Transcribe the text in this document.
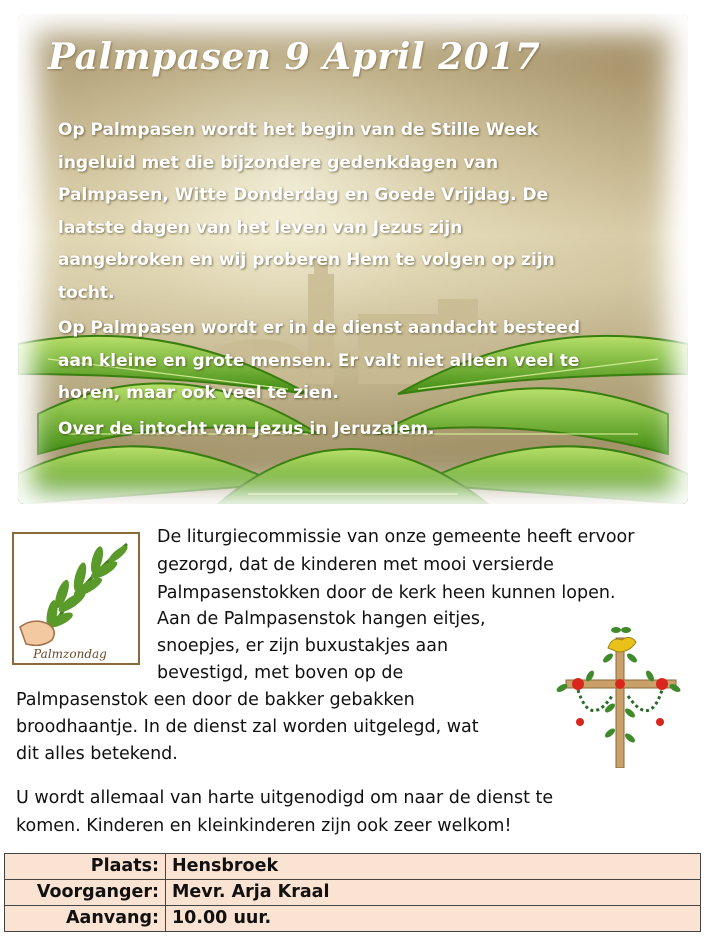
Palmpasen 9 April 2017

Op Palmpasen wordt het begin van de Stille Week
ingeluid met die bijzondere gedenkdagen van
Palmpasen, Witte Donderdag en Goede Vrijdag. De
laatste dagen van het leven van Jezus zijn
aangebroken en wij proberen Hem te volgen op zijn
tocht.

Op Palmpasen wordt er in de dienst aandacht besteed
aan kleine en grote mensen. Er valt niet alleen veel te
horen, maar ook veel te zien.

Over de intocht van Jezus in Jeruzalem.

Palmzondag

De liturgiecommissie van onze gemeente heeft ervoor

gezorgd, dat de kinderen met mooi versierde

Palmpasenstokken door de kerk heen kunnen lopen.

Aan de Palmpasenstok hangen eitjes,

snoepjes, er zijn buxustakjes aan

bevestigd, met boven op de

Palmpasenstok een door de bakker gebakken

broodhaantje. In de dienst zal worden uitgelegd, wat

dit alles betekend.

U wordt allemaal van harte uitgenodigd om naar de dienst te

komen. Kinderen en kleinkinderen zijn ook zeer welkom!

Plaats:	Hensbroek
Voorganger:	Mevr. Arja Kraal
Aanvang:	10.00 uur.
